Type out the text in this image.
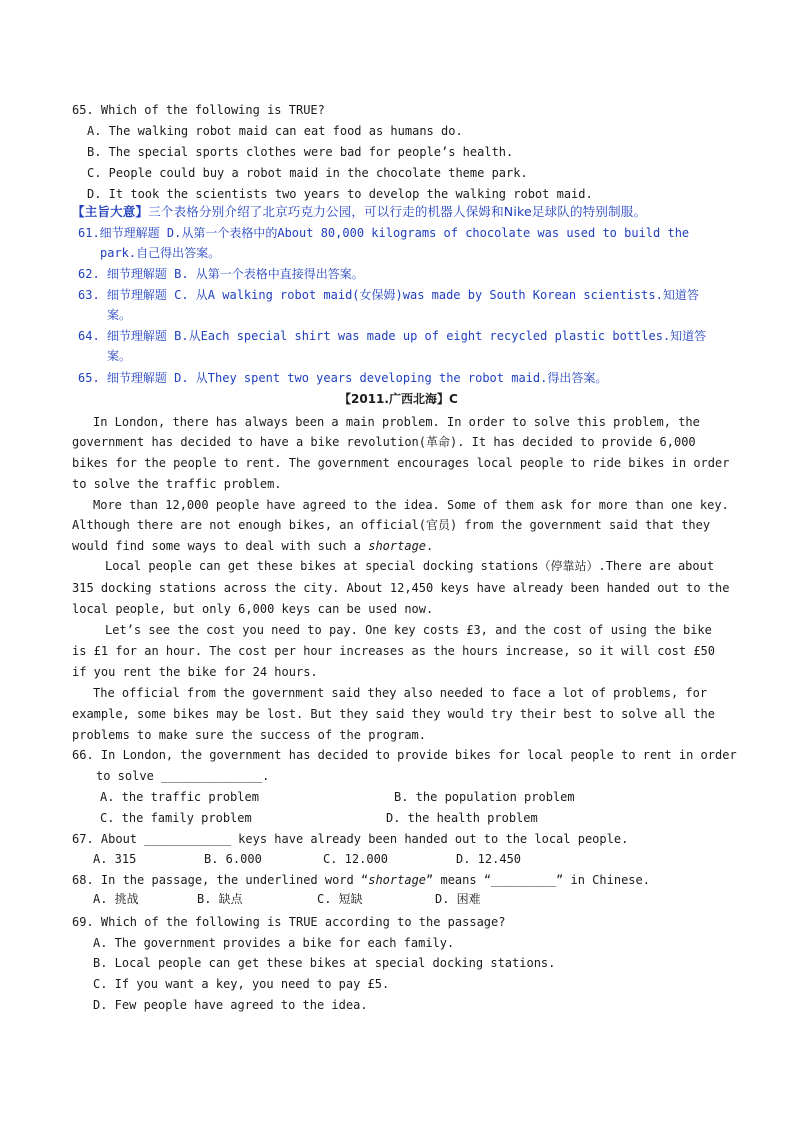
65. Which of the following is TRUE?
A. The walking robot maid can eat food as humans do.
B. The special sports clothes were bad for people’s health.
C. People could buy a robot maid in the chocolate theme park.
D. It took the scientists two years to develop the walking robot maid.
【主旨大意】三个表格分别介绍了北京巧克力公园，可以行走的机器人保姆和Nike足球队的特别制服。
61.细节理解题 D.从第一个表格中的About 80,000 kilograms of chocolate was used to build the
park.自己得出答案。
62. 细节理解题 B. 从第一个表格中直接得出答案。
63. 细节理解题 C. 从A walking robot maid(女保姆)was made by South Korean scientists.知道答
案。
64. 细节理解题 B.从Each special shirt was made up of eight recycled plastic bottles.知道答
案。
65. 细节理解题 D. 从They spent two years developing the robot maid.得出答案。
【2011.广西北海】C
In London, there has always been a main problem. In order to solve this problem, the
government has decided to have a bike revolution(革命). It has decided to provide 6,000
bikes for the people to rent. The government encourages local people to ride bikes in order
to solve the traffic problem.
More than 12,000 people have agreed to the idea. Some of them ask for more than one key.
Although there are not enough bikes, an official(官员) from the government said that they
would find some ways to deal with such a shortage.
Local people can get these bikes at special docking stations（停靠站）.There are about
315 docking stations across the city. About 12,450 keys have already been handed out to the
local people, but only 6,000 keys can be used now.
Let’s see the cost you need to pay. One key costs £3, and the cost of using the bike
is £1 for an hour. The cost per hour increases as the hours increase, so it will cost £50
if you rent the bike for 24 hours.
The official from the government said they also needed to face a lot of problems, for
example, some bikes may be lost. But they said they would try their best to solve all the
problems to make sure the success of the program.
66. In London, the government has decided to provide bikes for local people to rent in order
to solve ______________.
A. the traffic problem	B. the population problem
C. the family problem	D. the health problem
67. About ____________ keys have already been handed out to the local people.
A. 315	B. 6.000	C. 12.000	D. 12.450
68. In the passage, the underlined word “shortage” means “_________” in Chinese.
A. 挑战	B. 缺点	C. 短缺	D. 困难
69. Which of the following is TRUE according to the passage?
A. The government provides a bike for each family.
B. Local people can get these bikes at special docking stations.
C. If you want a key, you need to pay £5.
D. Few people have agreed to the idea.
